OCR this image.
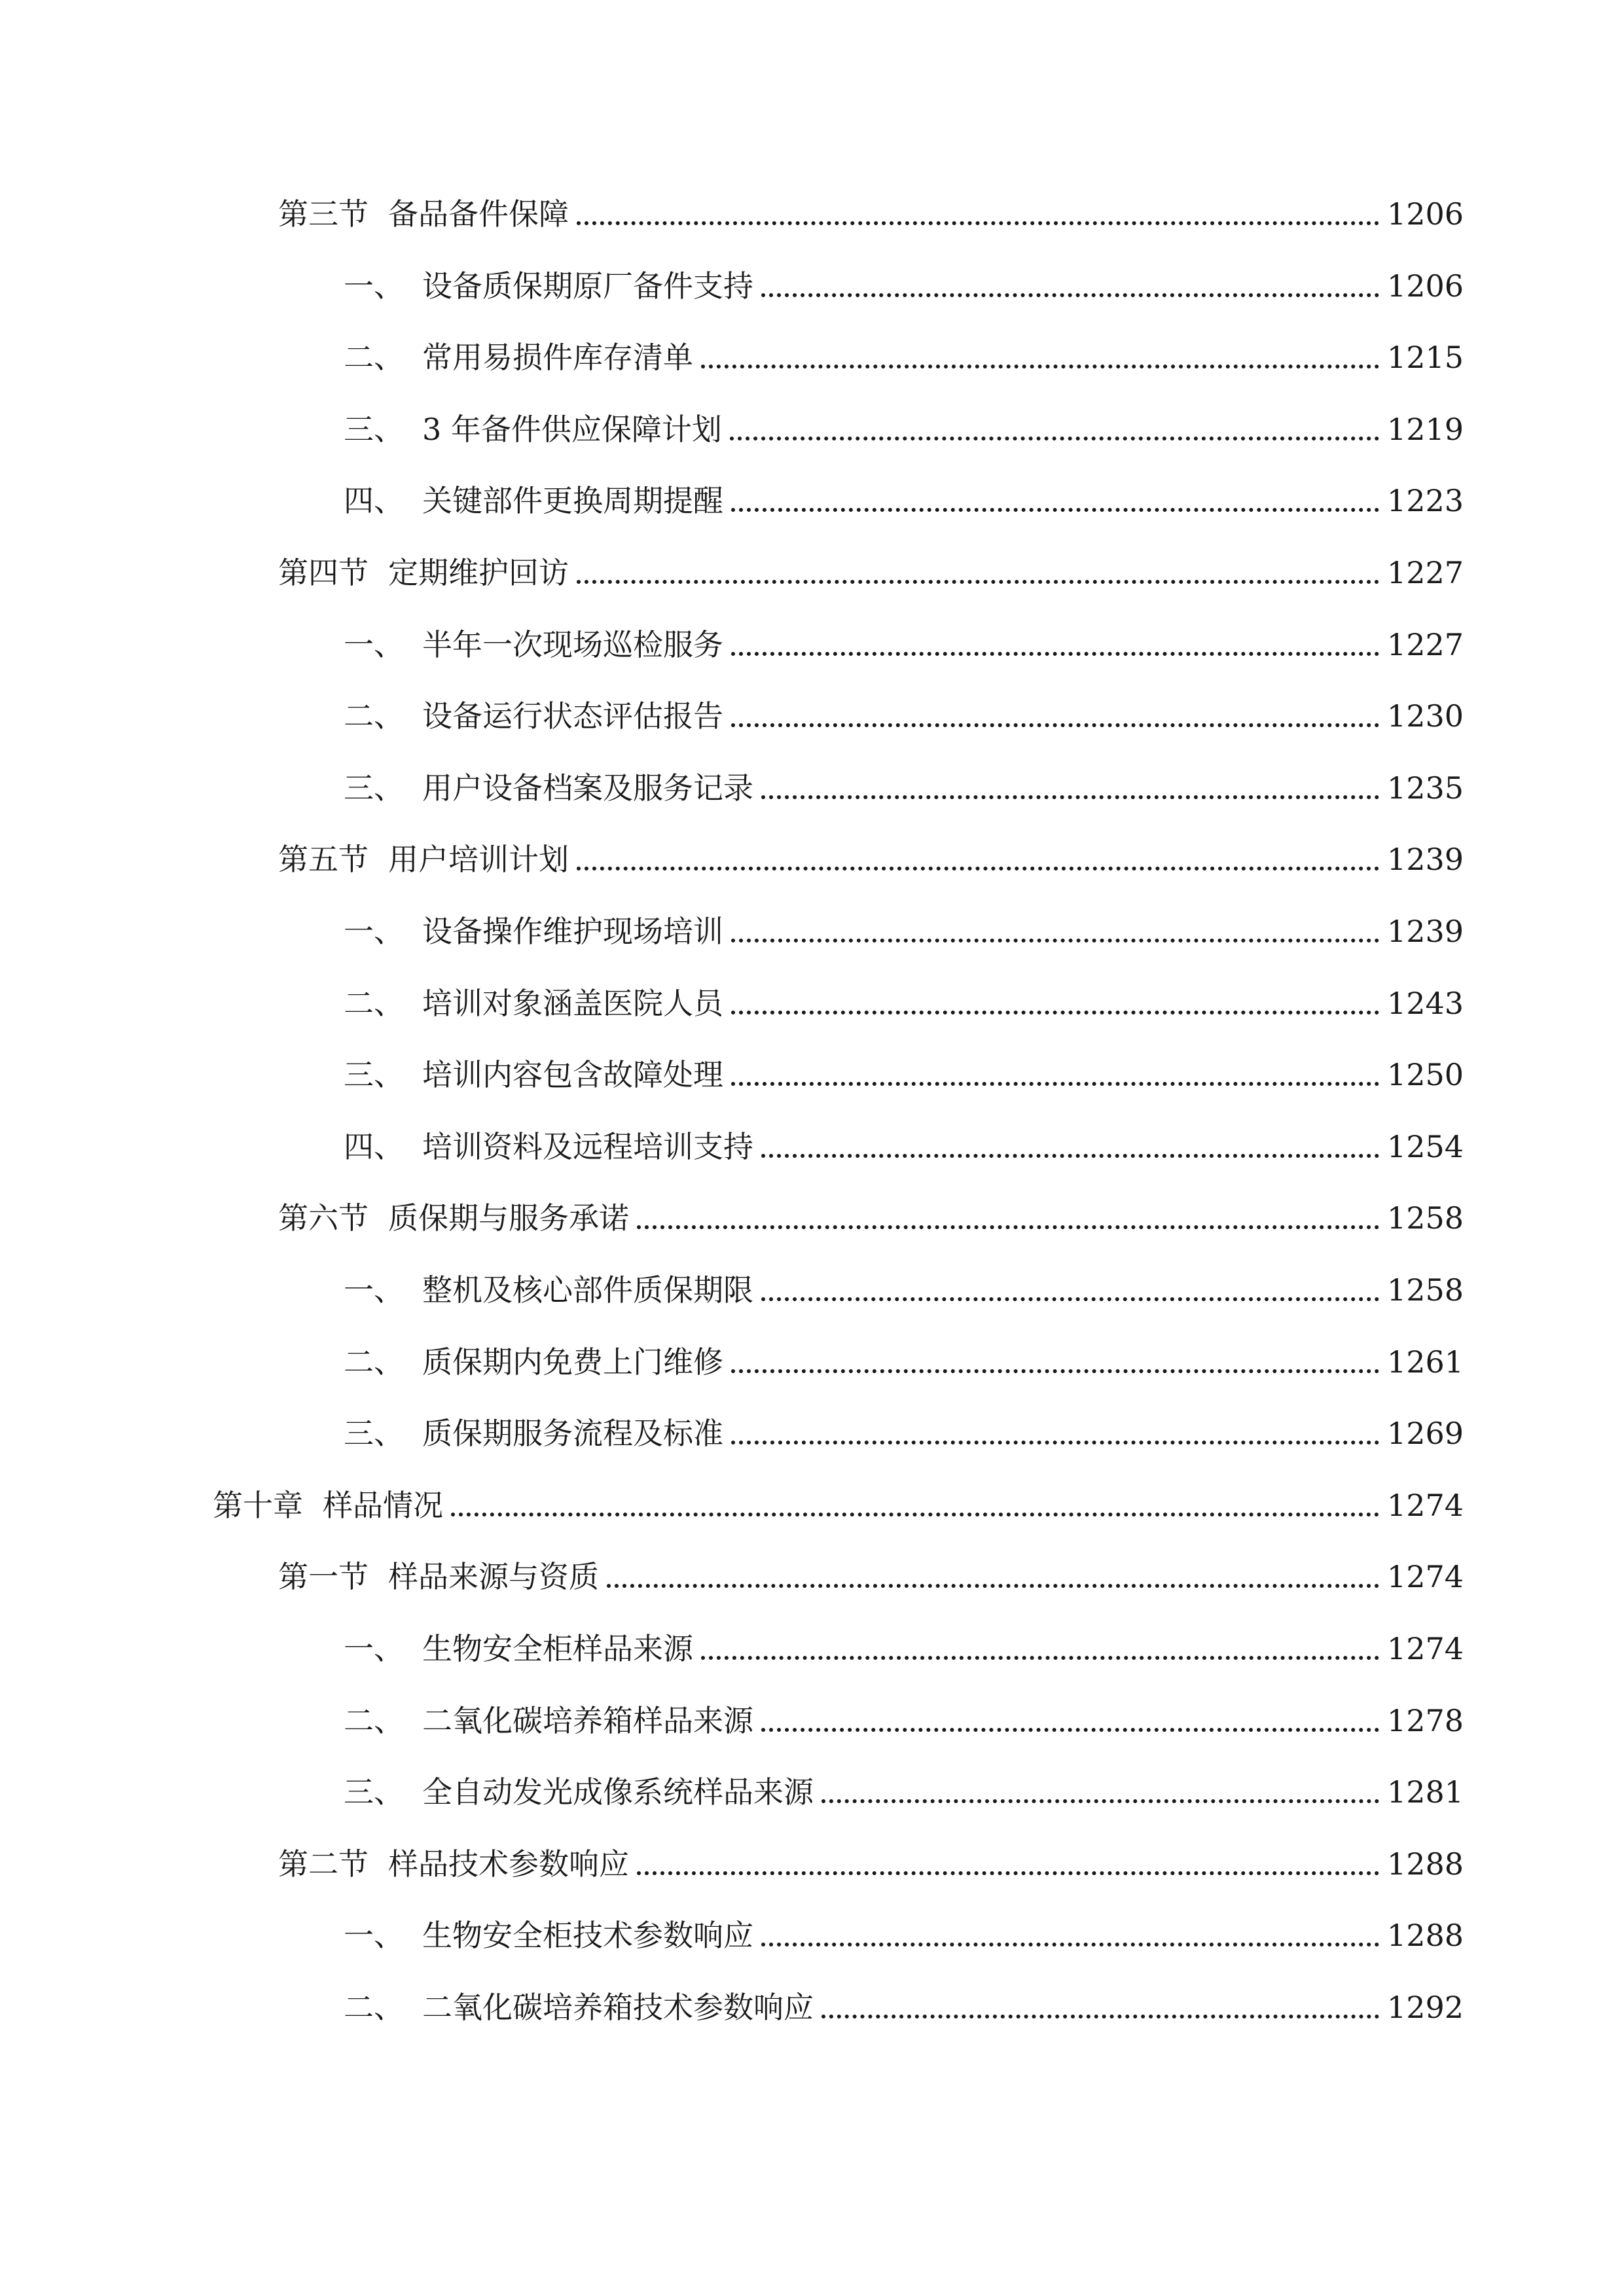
第三节 备品备件保障	1206
一、 设备质保期原厂备件支持	1206
二、 常用易损件库存清单	1215
三、 3 年备件供应保障计划	1219
四、 关键部件更换周期提醒	1223
第四节 定期维护回访	1227
一、 半年一次现场巡检服务	1227
二、 设备运行状态评估报告	1230
三、 用户设备档案及服务记录	1235
第五节 用户培训计划	1239
一、 设备操作维护现场培训	1239
二、 培训对象涵盖医院人员	1243
三、 培训内容包含故障处理	1250
四、 培训资料及远程培训支持	1254
第六节 质保期与服务承诺	1258
一、 整机及核心部件质保期限	1258
二、 质保期内免费上门维修	1261
三、 质保期服务流程及标准	1269
第十章 样品情况	1274
第一节 样品来源与资质	1274
一、 生物安全柜样品来源	1274
二、 二氧化碳培养箱样品来源	1278
三、 全自动发光成像系统样品来源	1281
第二节 样品技术参数响应	1288
一、 生物安全柜技术参数响应	1288
二、 二氧化碳培养箱技术参数响应	1292
